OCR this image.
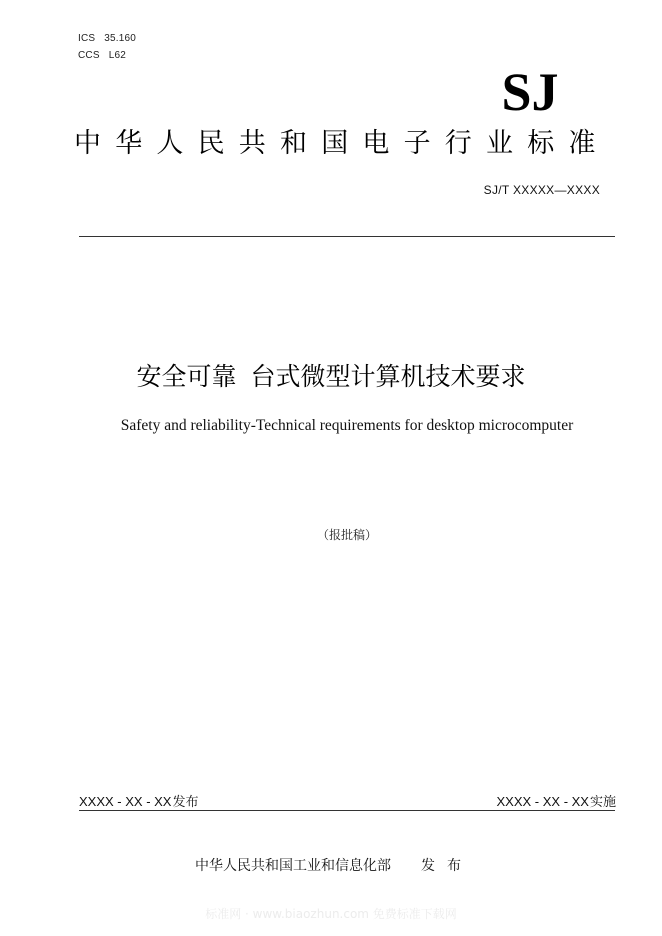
ICS 35.160
CCS L62
SJ
中华人民共和国电子行业标准
SJ/T XXXXX—XXXX
安全可靠 台式微型计算机技术要求
Safety and reliability-Technical requirements for desktop microcomputer
（报批稿）
XXXX - XX - XX发布	XXXX - XX - XX实施
中华人民共和国工业和信息化部 发布
标准网 · www.biaozhun.com 免费标准下载网
